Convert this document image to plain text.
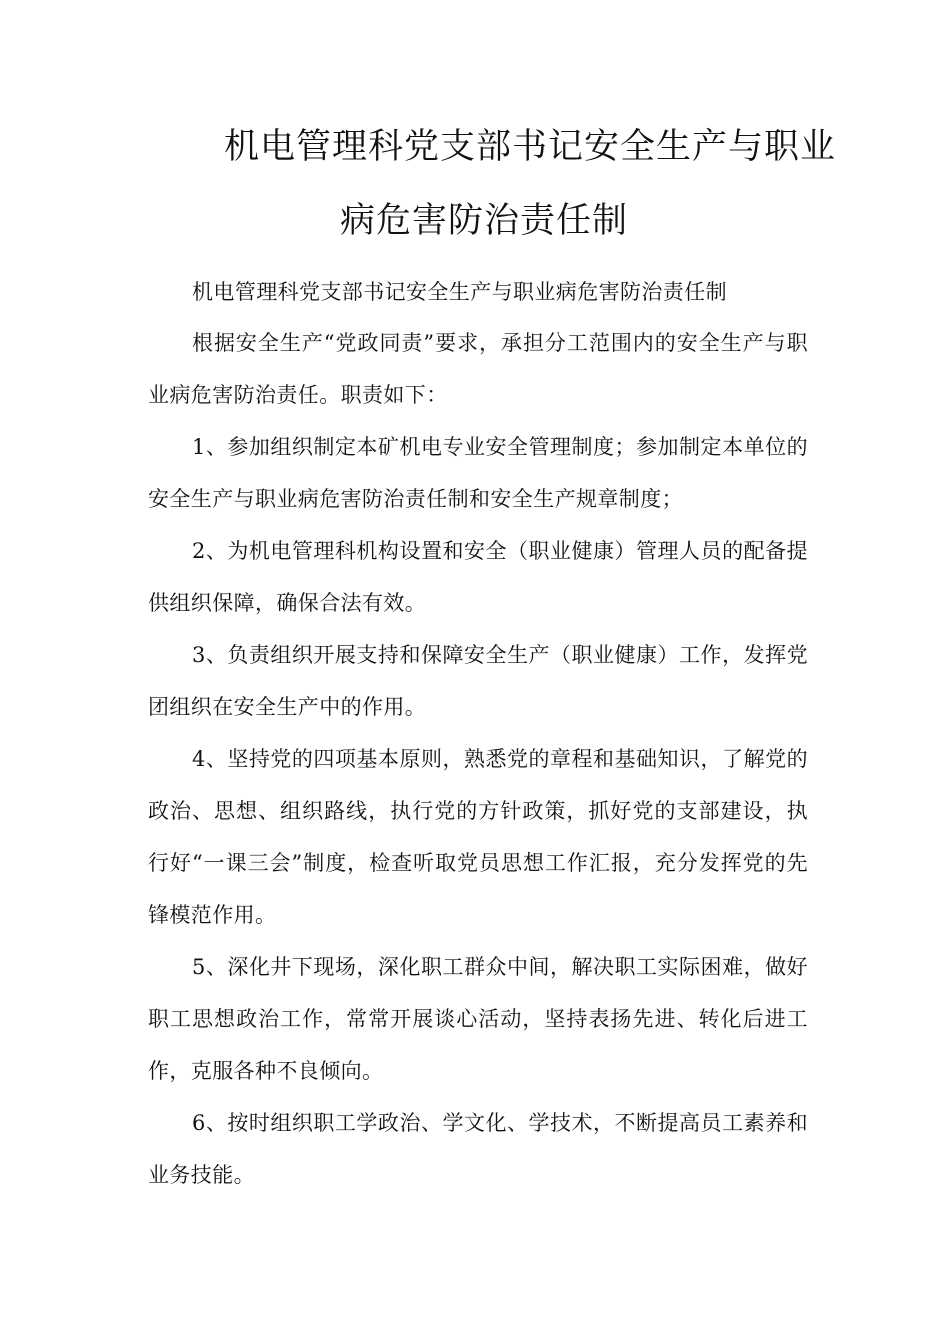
机电管理科党支部书记安全生产与职业
病危害防治责任制

机电管理科党支部书记安全生产与职业病危害防治责任制

根据安全生产“党政同责”要求，承担分工范围内的安全生产与职业病危害防治责任。职责如下：

1、参加组织制定本矿机电专业安全管理制度；参加制定本单位的安全生产与职业病危害防治责任制和安全生产规章制度；

2、为机电管理科机构设置和安全（职业健康）管理人员的配备提供组织保障，确保合法有效。

3、负责组织开展支持和保障安全生产（职业健康）工作，发挥党团组织在安全生产中的作用。

4、坚持党的四项基本原则，熟悉党的章程和基础知识，了解党的政治、思想、组织路线，执行党的方针政策，抓好党的支部建设，执行好“一课三会”制度，检查听取党员思想工作汇报，充分发挥党的先锋模范作用。

5、深化井下现场，深化职工群众中间，解决职工实际困难，做好职工思想政治工作，常常开展谈心活动，坚持表扬先进、转化后进工作，克服各种不良倾向。

6、按时组织职工学政治、学文化、学技术，不断提高员工素养和业务技能。
